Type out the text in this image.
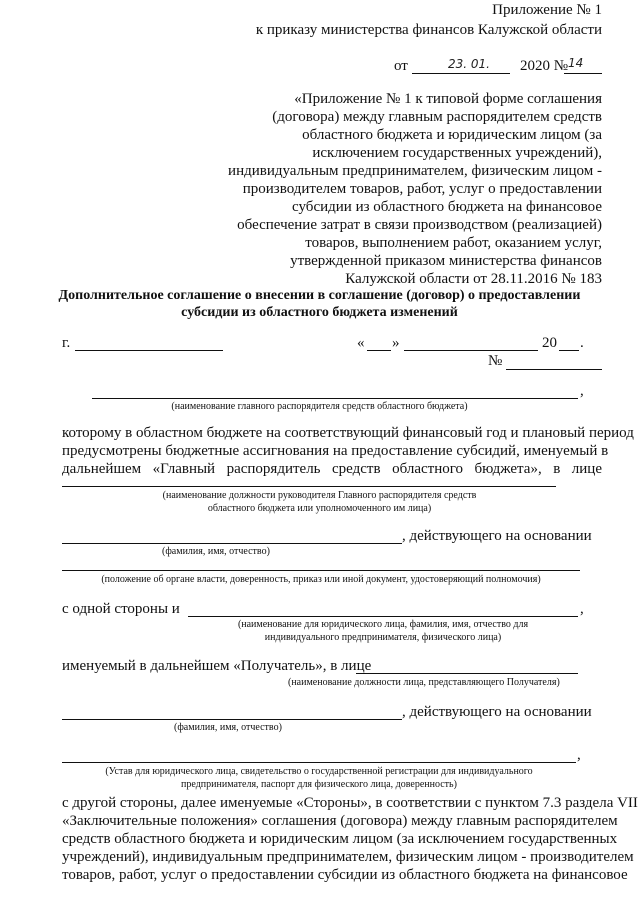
Приложение № 1
к приказу министерства финансов Калужской области
от	23. 01. 2020 № 14
«Приложение № 1 к типовой форме соглашения
(договора) между главным распорядителем средств
областного бюджета и юридическим лицом (за
исключением государственных учреждений),
индивидуальным предпринимателем, физическим лицом -
производителем товаров, работ, услуг о предоставлении
субсидии из областного бюджета на финансовое
обеспечение затрат в связи производством (реализацией)
товаров, выполнением работ, оказанием услуг,
утвержденной приказом министерства финансов
Калужской области от 28.11.2016 № 183
Дополнительное соглашение о внесении в соглашение (договор) о предоставлении
субсидии из областного бюджета изменений
г.	« »	20 .
№
,
(наименование главного распорядителя средств областного бюджета)
которому в областном бюджете на соответствующий финансовый год и плановый период
предусмотрены бюджетные ассигнования на предоставление субсидий, именуемый в
дальнейшем «Главный распорядитель средств областного бюджета», в лице
(наименование должности руководителя Главного распорядителя средств
областного бюджета или уполномоченного им лица)
, действующего на основании
(фамилия, имя, отчество)
(положение об органе власти, доверенность, приказ или иной документ, удостоверяющий полномочия)
с одной стороны и	,
(наименование для юридического лица, фамилия, имя, отчество для
индивидуального предпринимателя, физического лица)
именуемый в дальнейшем «Получатель», в лице
(наименование должности лица, представляющего Получателя)
, действующего на основании
(фамилия, имя, отчество)
,
(Устав для юридического лица, свидетельство о государственной регистрации для индивидуального
предпринимателя, паспорт для физического лица, доверенность)
с другой стороны, далее именуемые «Стороны», в соответствии с пунктом 7.3 раздела VII
«Заключительные положения» соглашения (договора) между главным распорядителем
средств областного бюджета и юридическим лицом (за исключением государственных
учреждений), индивидуальным предпринимателем, физическим лицом - производителем
товаров, работ, услуг о предоставлении субсидии из областного бюджета на финансовое
